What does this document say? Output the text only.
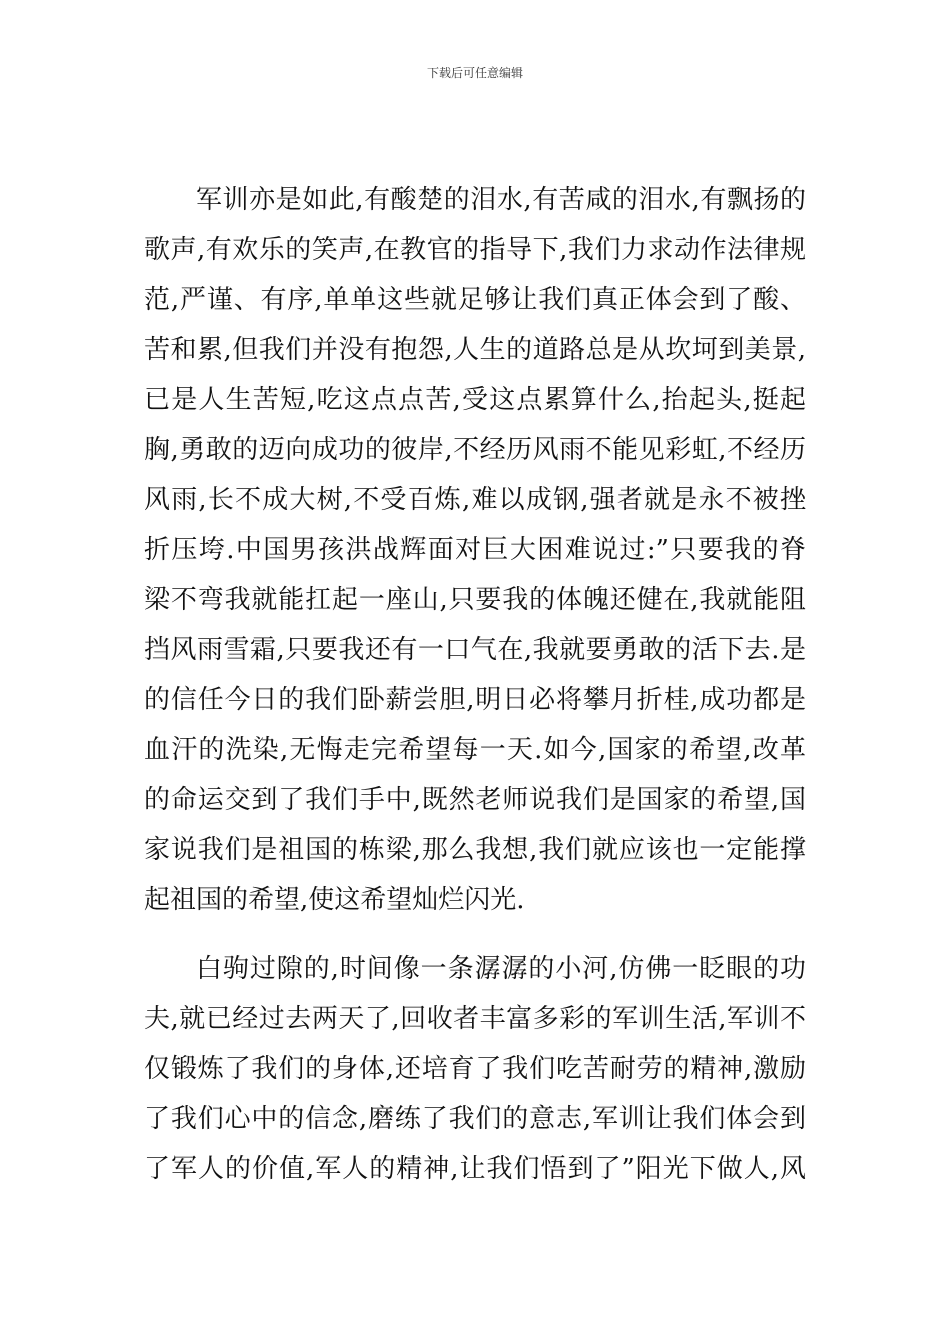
下载后可任意编辑
军训亦是如此,有酸楚的泪水,有苦咸的泪水,有飘扬的
歌声,有欢乐的笑声,在教官的指导下,我们力求动作法律规
范,严谨、有序,单单这些就足够让我们真正体会到了酸、
苦和累,但我们并没有抱怨,人生的道路总是从坎坷到美景,
已是人生苦短,吃这点点苦,受这点累算什么,抬起头,挺起
胸,勇敢的迈向成功的彼岸,不经历风雨不能见彩虹,不经历
风雨,长不成大树,不受百炼,难以成钢,强者就是永不被挫
折压垮.中国男孩洪战辉面对巨大困难说过:”只要我的脊
梁不弯我就能扛起一座山,只要我的体魄还健在,我就能阻
挡风雨雪霜,只要我还有一口气在,我就要勇敢的活下去.是
的信任今日的我们卧薪尝胆,明日必将攀月折桂,成功都是
血汗的洗染,无悔走完希望每一天.如今,国家的希望,改革
的命运交到了我们手中,既然老师说我们是国家的希望,国
家说我们是祖国的栋梁,那么我想,我们就应该也一定能撑
起祖国的希望,使这希望灿烂闪光.
白驹过隙的,时间像一条潺潺的小河,仿佛一眨眼的功
夫,就已经过去两天了,回收者丰富多彩的军训生活,军训不
仅锻炼了我们的身体,还培育了我们吃苦耐劳的精神,激励
了我们心中的信念,磨练了我们的意志,军训让我们体会到
了军人的价值,军人的精神,让我们悟到了”阳光下做人,风
